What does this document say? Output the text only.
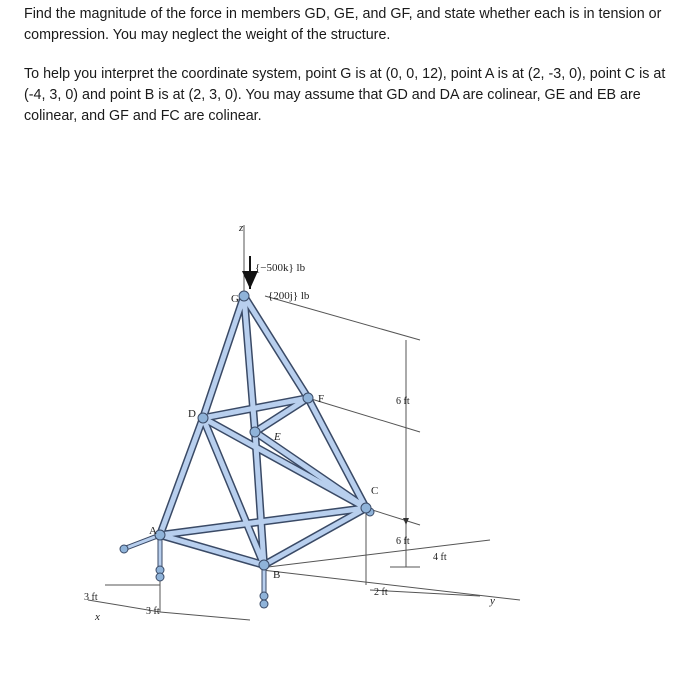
Find the magnitude of the force in members GD, GE, and GF, and state whether each is in tension or compression. You may neglect the weight of the structure.

To help you interpret the coordinate system, point G is at (0, 0, 12), point A is at (2, -3, 0), point C is at (-4, 3, 0) and point B is at (2, 3, 0). You may assume that GD and DA are colinear, GE and EB are colinear, and GF and FC are colinear.

z
x
y
6 ft
6 ft
4 ft
2 ft
3 ft
3 ft
{−500k} lb
{200j} lb
G
D
E
F
A
B
C
